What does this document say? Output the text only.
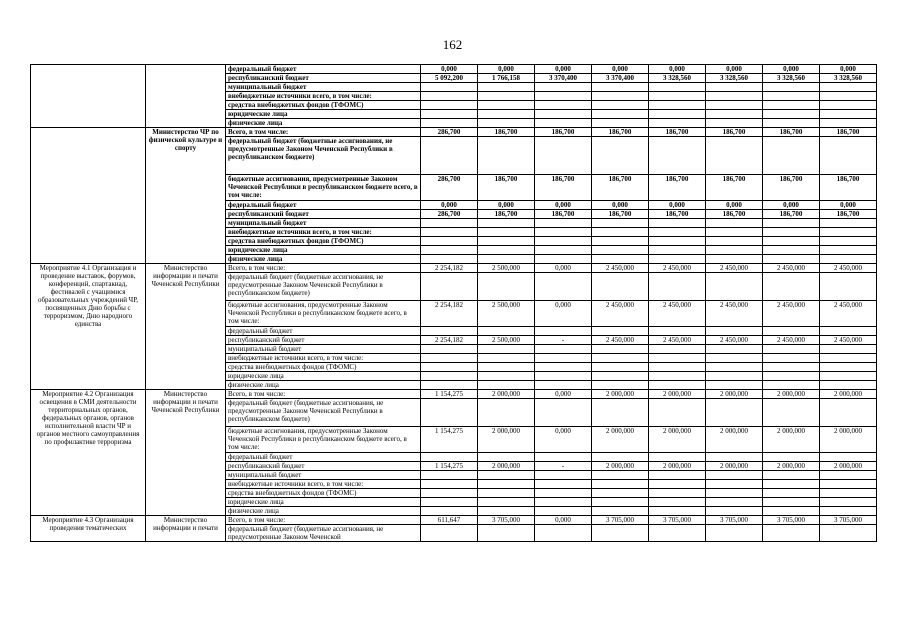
162
		федеральный бюджет	0,000	0,000	0,000	0,000	0,000	0,000	0,000	0,000
		республиканский бюджет	5 092,200	1 766,158	3 370,400	3 370,400	3 328,560	3 328,560	3 328,560	3 328,560
		муниципальный бюджет								
		внебюджетные источники всего, в том числе:								
		средства внебюджетных фондов (ТФОМС)								
		юридические лица								
		физические лица								
	Министерство ЧР по физической культуре и спорту	Всего, в том числе:	286,700	186,700	186,700	186,700	186,700	186,700	186,700	186,700
		федеральный бюджет (бюджетные ассигнования, не предусмотренные Законом Чеченской Республики в республиканском бюджете)								
		бюджетные ассигнования, предусмотренные Законом Чеченской Республики в республиканском бюджете всего, в том числе:	286,700	186,700	186,700	186,700	186,700	186,700	186,700	186,700
		федеральный бюджет	0,000	0,000	0,000	0,000	0,000	0,000	0,000	0,000
		республиканский бюджет	286,700	186,700	186,700	186,700	186,700	186,700	186,700	186,700
		муниципальный бюджет								
		внебюджетные источники всего, в том числе:								
		средства внебюджетных фондов (ТФОМС)								
		юридические лица								
		физические лица								
Мероприятие 4.1 Организация и проведение выставок, форумов, конференций, спартакиад, фестивалей с учащимися образовательных учреждений ЧР, посвященных Дню борьбы с терроризмом, Дню народного единства	Министерство информации и печати Чеченской Республики	Всего, в том числе:	2 254,182	2 500,000	0,000	2 450,000	2 450,000	2 450,000	2 450,000	2 450,000
		федеральный бюджет (бюджетные ассигнования, не предусмотренные Законом Чеченской Республики в республиканском бюджете)								
		бюджетные ассигнования, предусмотренные Законом Чеченской Республики в республиканском бюджете всего, в том числе:	2 254,182	2 500,000	0,000	2 450,000	2 450,000	2 450,000	2 450,000	2 450,000
		федеральный бюджет								
		республиканский бюджет	2 254,182	2 500,000	-	2 450,000	2 450,000	2 450,000	2 450,000	2 450,000
		муниципальный бюджет								
		внебюджетные источники всего, в том числе:								
		средства внебюджетных фондов (ТФОМС)								
		юридические лица								
		физические лица								
Мероприятие 4.2 Организация освещения в СМИ деятельности территориальных органов, федеральных органов, органов исполнительной власти ЧР и органов местного самоуправления по профилактике терроризма	Министерство информации и печати Чеченской Республики	Всего, в том числе:	1 154,275	2 000,000	0,000	2 000,000	2 000,000	2 000,000	2 000,000	2 000,000
		федеральный бюджет (бюджетные ассигнования, не предусмотренные Законом Чеченской Республики в республиканском бюджете)								
		бюджетные ассигнования, предусмотренные Законом Чеченской Республики в республиканском бюджете всего, в том числе:	1 154,275	2 000,000	0,000	2 000,000	2 000,000	2 000,000	2 000,000	2 000,000
		федеральный бюджет								
		республиканский бюджет	1 154,275	2 000,000	-	2 000,000	2 000,000	2 000,000	2 000,000	2 000,000
		муниципальный бюджет								
		внебюджетные источники всего, в том числе:								
		средства внебюджетных фондов (ТФОМС)								
		юридические лица								
		физические лица								
Мероприятие 4.3 Организация проведения тематических	Министерство информации и печати	Всего, в том числе:	611,647	3 705,000	0,000	3 705,000	3 705,000	3 705,000	3 705,000	3 705,000
		федеральный бюджет (бюджетные ассигнования, не предусмотренные Законом Чеченской								
